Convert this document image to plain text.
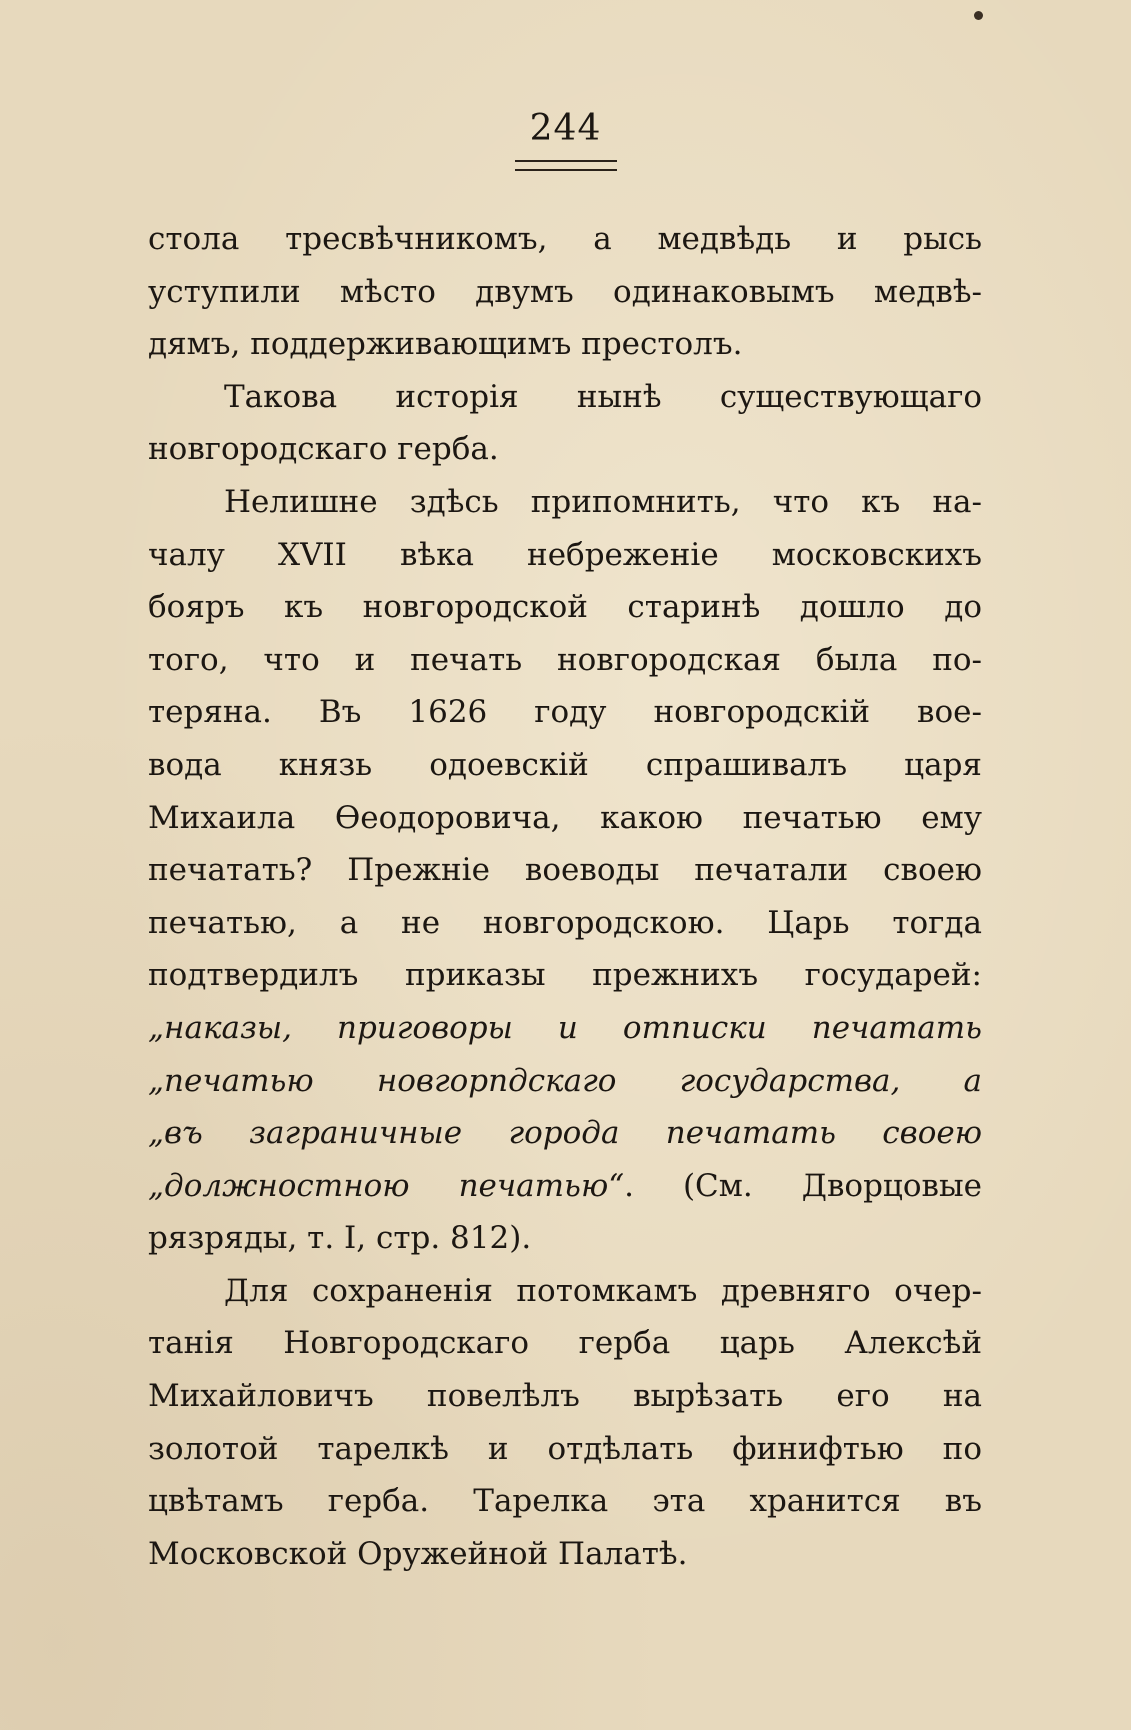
244
стола тресвѣчникомъ, а медвѣдь и рысь
уступили мѣсто двумъ одинаковымъ медвѣ-
дямъ, поддерживающимъ престолъ.
Такова исторія нынѣ существующаго
новгородскаго герба.
Нелишне здѣсь припомнить, что къ на-
чалу XVII вѣка небреженіе московскихъ
бояръ къ новгородской старинѣ дошло до
того, что и печать новгородская была по-
теряна. Въ 1626 году новгородскій вое-
вода князь одоевскій спрашивалъ царя
Михаила Ѳеодоровича, какою печатью ему
печатать? Прежніе воеводы печатали своею
печатью, а не новгородскою. Царь тогда
подтвердилъ приказы прежнихъ государей:
„наказы, приговоры и отписки печатать
„печатью новгорпдскаго государства, а
„въ заграничные города печатать своею
„должностною печатью“. (См. Дворцовые
рязряды, т. I, стр. 812).
Для сохраненія потомкамъ древняго очер-
танія Новгородскаго герба царь Алексѣй
Михайловичъ повелѣлъ вырѣзать его на
золотой тарелкѣ и отдѣлать финифтью по
цвѣтамъ герба. Тарелка эта хранится въ
Московской Оружейной Палатѣ.
